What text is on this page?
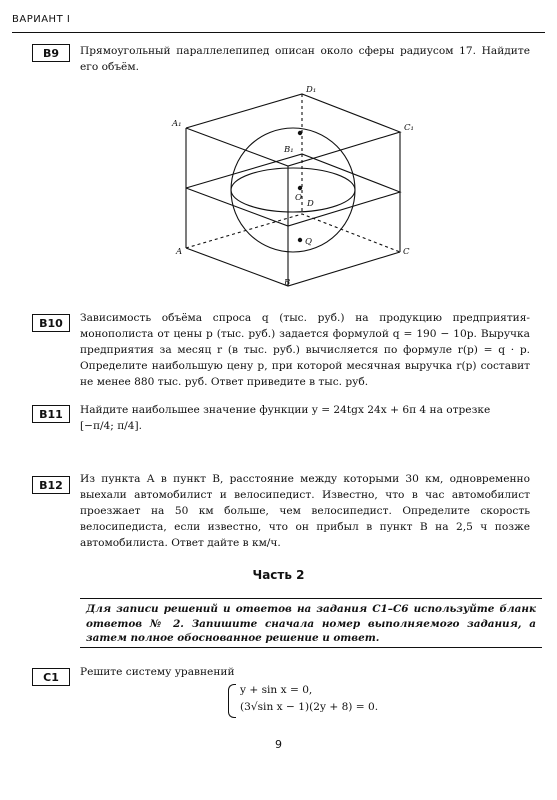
ВАРИАНТ I
B9	Прямоугольный параллелепипед описан около сферы радиусом 17. Найдите его объём.
A₁
D₁
C₁
B₁
O
D
Q
A	C
B
B10	Зависимость объёма спроса q (тыс. руб.) на продукцию предприятия-монополиста от цены p (тыс. руб.) задается формулой q = 190 − 10p. Выручка предприятия за месяц r (в тыс. руб.) вычисляется по формуле r(p) = q · p. Определите наибольшую цену p, при которой месячная выручка r(p) составит не менее 880 тыс. руб. Ответ приведите в тыс. руб.
B11	Найдите наибольшее значение функции y = 24tgx 24x + 6π 4 на отрезке
[−π/4; π/4].
B12	Из пункта А в пункт В, расстояние между которыми 30 км, одновременно выехали автомобилист и велосипедист. Известно, что в час автомобилист проезжает на 50 км больше, чем велосипедист. Определите скорость велосипедиста, если известно, что он прибыл в пункт В на 2,5 ч позже автомобилиста. Ответ дайте в км/ч.
Часть 2
Для записи решений и ответов на задания С1–С6 используйте бланк ответов № 2. Запишите сначала номер выполняемого задания, а затем полное обоснованное решение и ответ.
C1	Решите систему уравнений
y + sin x = 0,
(3√sin x − 1)(2y + 8) = 0.
9
